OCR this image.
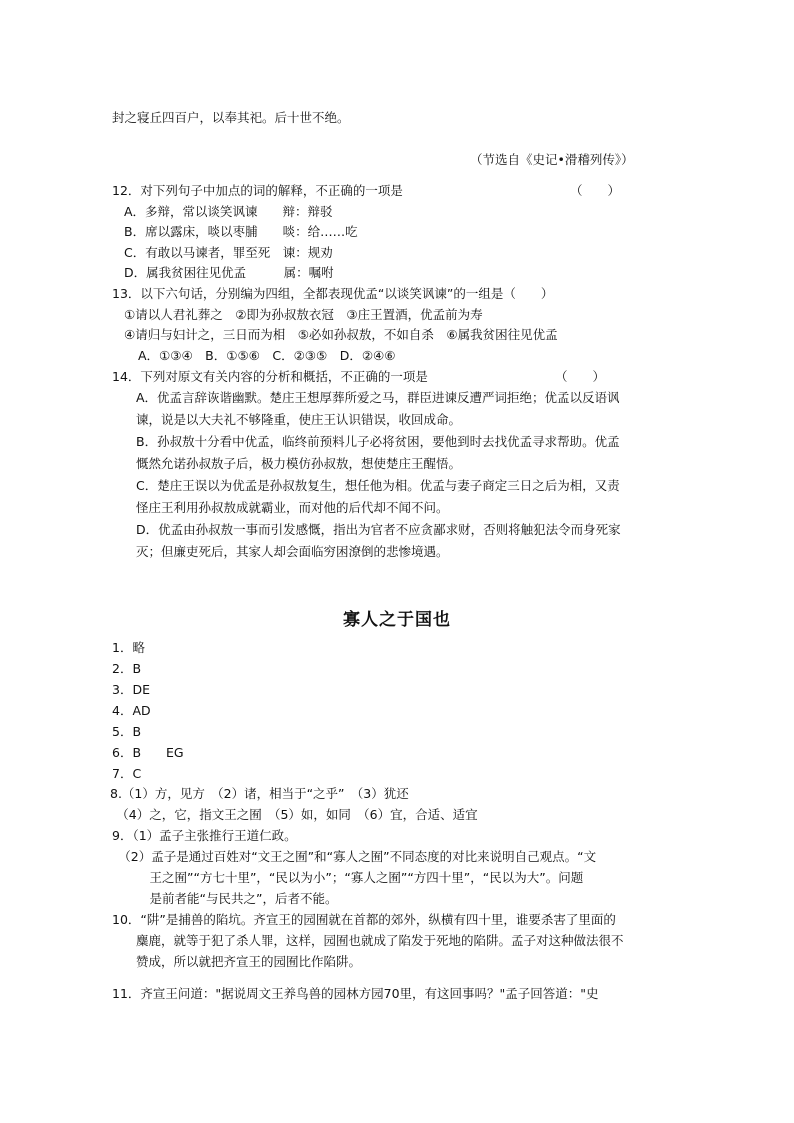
封之寝丘四百户，以奉其祀。后十世不绝。
（节选自《史记•滑稽列传》）
12．对下列句子中加点的词的解释，不正确的一项是	（　　）
A．多辩，常以谈笑讽谏　　辩：辩驳
B．席以露床，啖以枣脯　　啖：给……吃
C．有敢以马谏者，罪至死　谏：规劝
D．属我贫困往见优孟　　　属：嘱咐
13．以下六句话，分别编为四组，全都表现优孟“以谈笑讽谏”的一组是（　　）
①请以人君礼葬之　②即为孙叔敖衣冠　③庄王置酒，优孟前为寿
④请归与妇计之，三日而为相　⑤必如孙叔敖，不如自杀　⑥属我贫困往见优孟
A．①③④　B．①⑤⑥　C．②③⑤　D．②④⑥
14．下列对原文有关内容的分析和概括，不正确的一项是	（　　）
A．优孟言辞诙谐幽默。楚庄王想厚葬所爱之马，群臣进谏反遭严词拒绝；优孟以反语讽
谏，说是以大夫礼不够隆重，使庄王认识错误，收回成命。
B．孙叔敖十分看中优孟，临终前预料儿子必将贫困，要他到时去找优孟寻求帮助。优孟
慨然允诺孙叔敖子后，极力模仿孙叔敖，想使楚庄王醒悟。
C．楚庄王误以为优孟是孙叔敖复生，想任他为相。优孟与妻子商定三日之后为相，又责
怪庄王利用孙叔敖成就霸业，而对他的后代却不闻不问。
D．优孟由孙叔敖一事而引发感慨，指出为官者不应贪鄙求财，否则将触犯法令而身死家
灭；但廉吏死后，其家人却会面临穷困潦倒的悲惨境遇。
寡人之于国也
1．略
2．B
3．DE
4．AD
5．B
6．B　　EG
7．C
8.（1）方，见方　（2）诸，相当于“之乎”　（3）犹还
　（4）之，它，指文王之囿　（5）如，如同　（6）宜，合适、适宜
9．（1）孟子主张推行王道仁政。
　（2）孟子是通过百姓对“文王之囿”和“寡人之囿”不同态度的对比来说明自己观点。“文
　　　王之囿”“方七十里”，“民以为小”；“寡人之囿”“方四十里”，“民以为大”。问题
　　　是前者能“与民共之”，后者不能。
10．“阱”是捕兽的陷坑。齐宣王的园囿就在首都的郊外，纵横有四十里，谁要杀害了里面的
麋鹿，就等于犯了杀人罪，这样，园囿也就成了陷发于死地的陷阱。孟子对这种做法很不
赞成，所以就把齐宣王的园囿比作陷阱。
11．齐宣王问道："据说周文王养鸟兽的园林方园70里，有这回事吗？"孟子回答道："史
